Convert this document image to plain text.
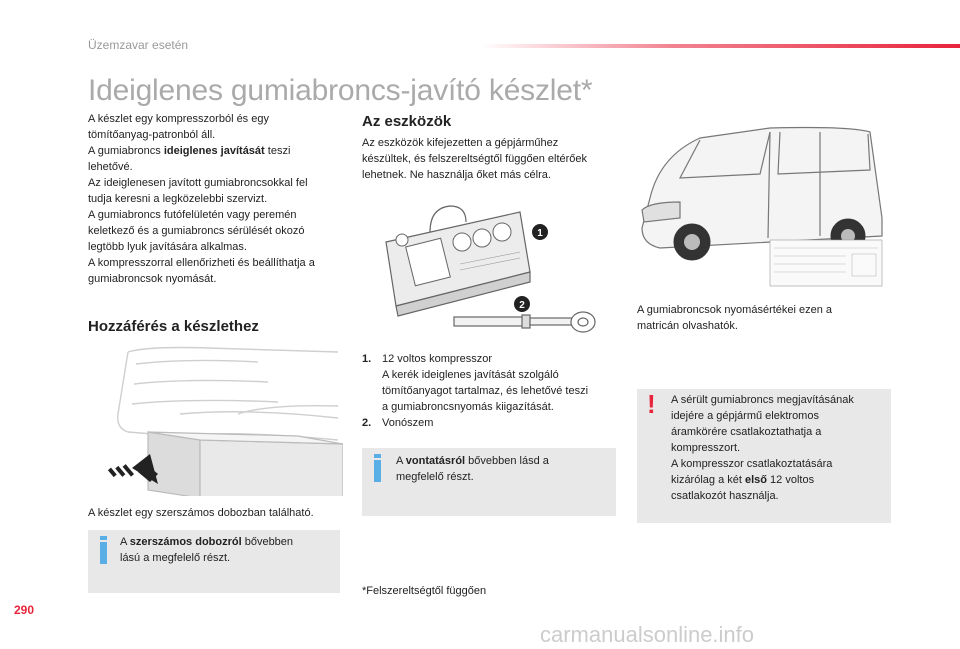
Üzemzavar esetén
Ideiglenes gumiabroncs-javító készlet*

A készlet egy kompresszorból és egy
tömítőanyag-patronból áll.
A gumiabroncs ideiglenes javítását teszi
lehetővé.
Az ideiglenesen javított gumiabroncsokkal fel
tudja keresni a legközelebbi szervizt.
A gumiabroncs futófelületén vagy peremén
keletkező és a gumiabroncs sérülését okozó
legtöbb lyuk javítására alkalmas.
A kompresszorral ellenőrizheti és beállíthatja a
gumiabroncsok nyomását.

Hozzáférés a készlethez
A készlet egy szerszámos dobozban található.

A szerszámos dobozról bővebben
lású a megfelelő részt.

Az eszközök

Az eszközök kifejezetten a gépjárműhez
készültek, és felszereltségtől függően eltérőek
lehetnek. Ne használja őket más célra.

1
2
1. 12 voltos kompresszor

A kerék ideiglenes javítását szolgáló
tömítőanyagot tartalmaz, és lehetővé teszi
a gumiabroncsnyomás kiigazítását.
2. Vonószem

A vontatásról bővebben lásd a
megfelelő részt.

*Felszereltségtől függően

A gumiabroncsok nyomásértékei ezen a
matricán olvashatók.

! A sérült gumiabroncs megjavításának
idejére a gépjármű elektromos
áramkörére csatlakoztathatja a
kompresszort.
A kompresszor csatlakoztatására
kizárólag a két első 12 voltos
csatlakozót használja.

290
carmanualsonline.info
